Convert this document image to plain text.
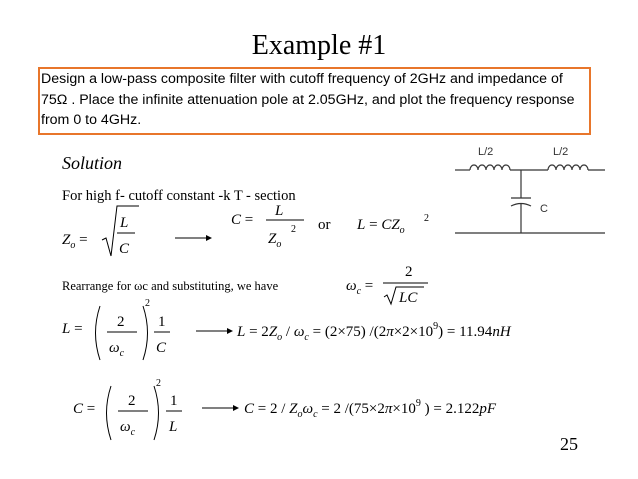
Example #1
Design a low-pass composite filter with cutoff frequency of 2GHz and impedance of 75Ω . Place the infinite attenuation pole at 2.05GHz, and plot the frequency response from 0 to 4GHz.
Solution
For high f- cutoff constant -k T - section
Rearrange for ωc and substituting, we have
L/2	L/2
C
$Z_o$ =
L
C
C =
L
$Z_o$
2 or $L = CZ_o$
2
$\omega_c$ =
2
LC
L = 2
$\omega_c$
2
1
C
$L = 2Z_o / \omega_c = (2\times 75) /(2\pi\times 2\times 10^9) = 11.94nH$
C = 2
$\omega_c$
2
1
L
$C = 2 / Z_o\omega_c = 2$ $/(75\times 2\pi\times 10^9$ ) = 2.122pF
25
